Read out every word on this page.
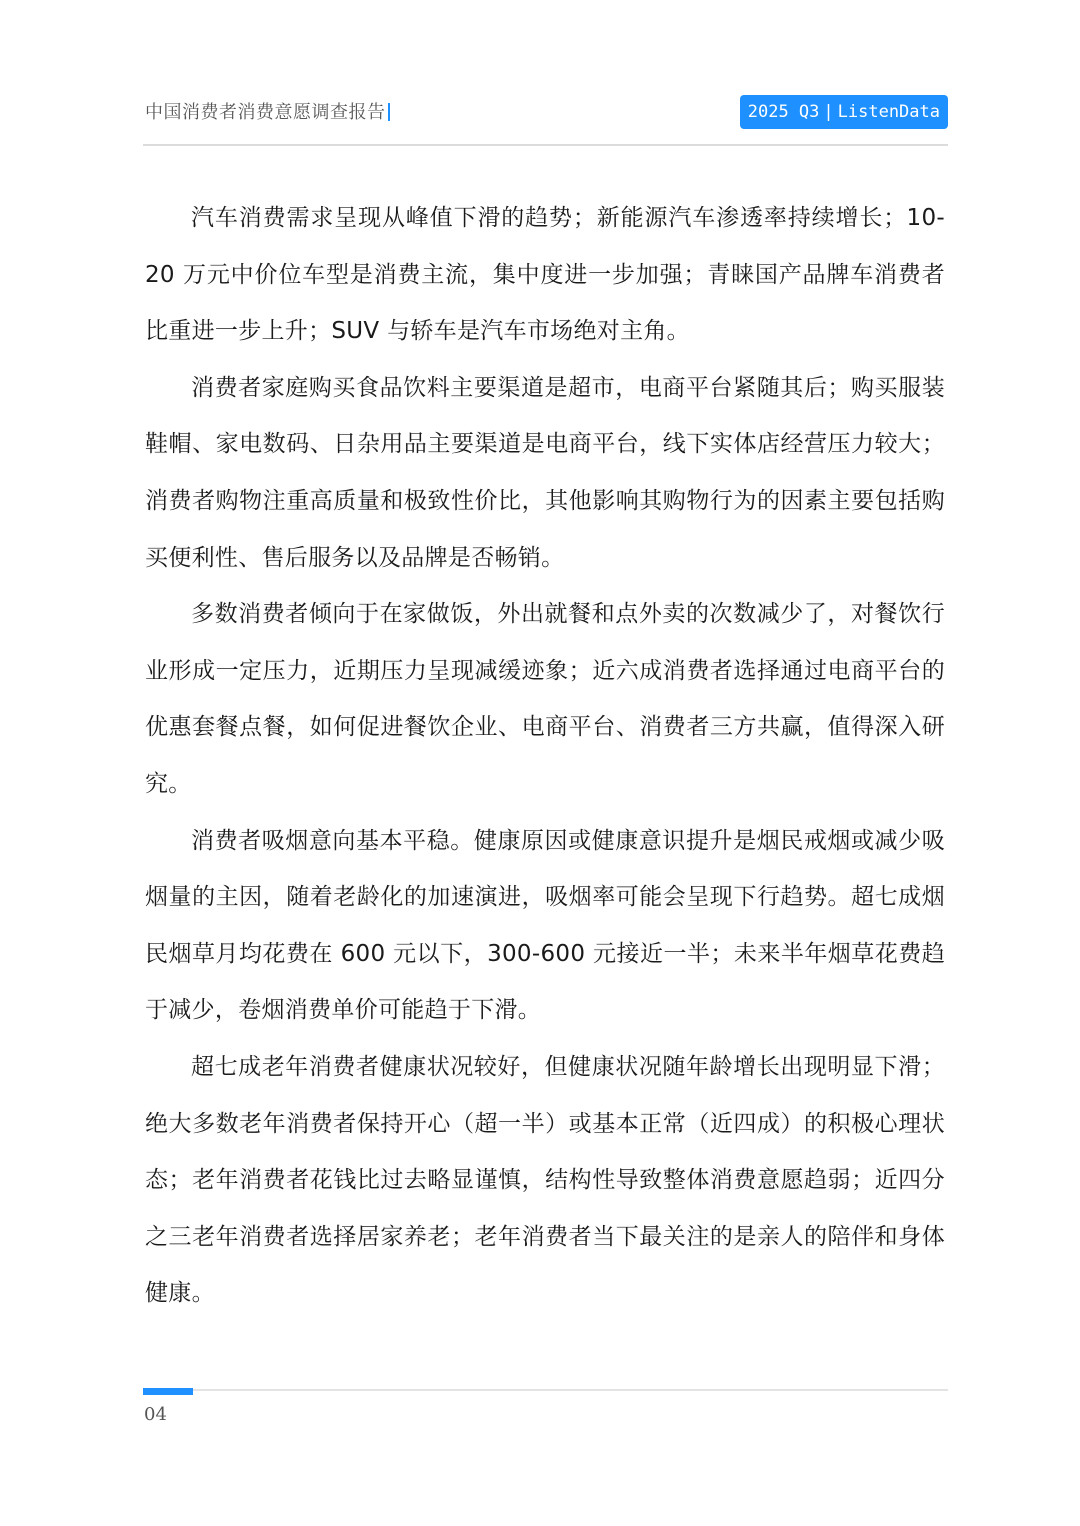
中国消费者消费意愿调查报告	2025 Q3 | ListenData

汽车消费需求呈现从峰值下滑的趋势；新能源汽车渗透率持续增长；10-20 万元中价位车型是消费主流，集中度进一步加强；青睐国产品牌车消费者比重进一步上升；SUV 与轿车是汽车市场绝对主角。

消费者家庭购买食品饮料主要渠道是超市，电商平台紧随其后；购买服装鞋帽、家电数码、日杂用品主要渠道是电商平台，线下实体店经营压力较大；消费者购物注重高质量和极致性价比，其他影响其购物行为的因素主要包括购买便利性、售后服务以及品牌是否畅销。

多数消费者倾向于在家做饭，外出就餐和点外卖的次数减少了，对餐饮行业形成一定压力，近期压力呈现减缓迹象；近六成消费者选择通过电商平台的优惠套餐点餐，如何促进餐饮企业、电商平台、消费者三方共赢，值得深入研究。

消费者吸烟意向基本平稳。健康原因或健康意识提升是烟民戒烟或减少吸烟量的主因，随着老龄化的加速演进，吸烟率可能会呈现下行趋势。超七成烟民烟草月均花费在 600 元以下，300-600 元接近一半；未来半年烟草花费趋于减少，卷烟消费单价可能趋于下滑。

超七成老年消费者健康状况较好，但健康状况随年龄增长出现明显下滑；绝大多数老年消费者保持开心（超一半）或基本正常（近四成）的积极心理状态；老年消费者花钱比过去略显谨慎，结构性导致整体消费意愿趋弱；近四分之三老年消费者选择居家养老；老年消费者当下最关注的是亲人的陪伴和身体健康。

04
